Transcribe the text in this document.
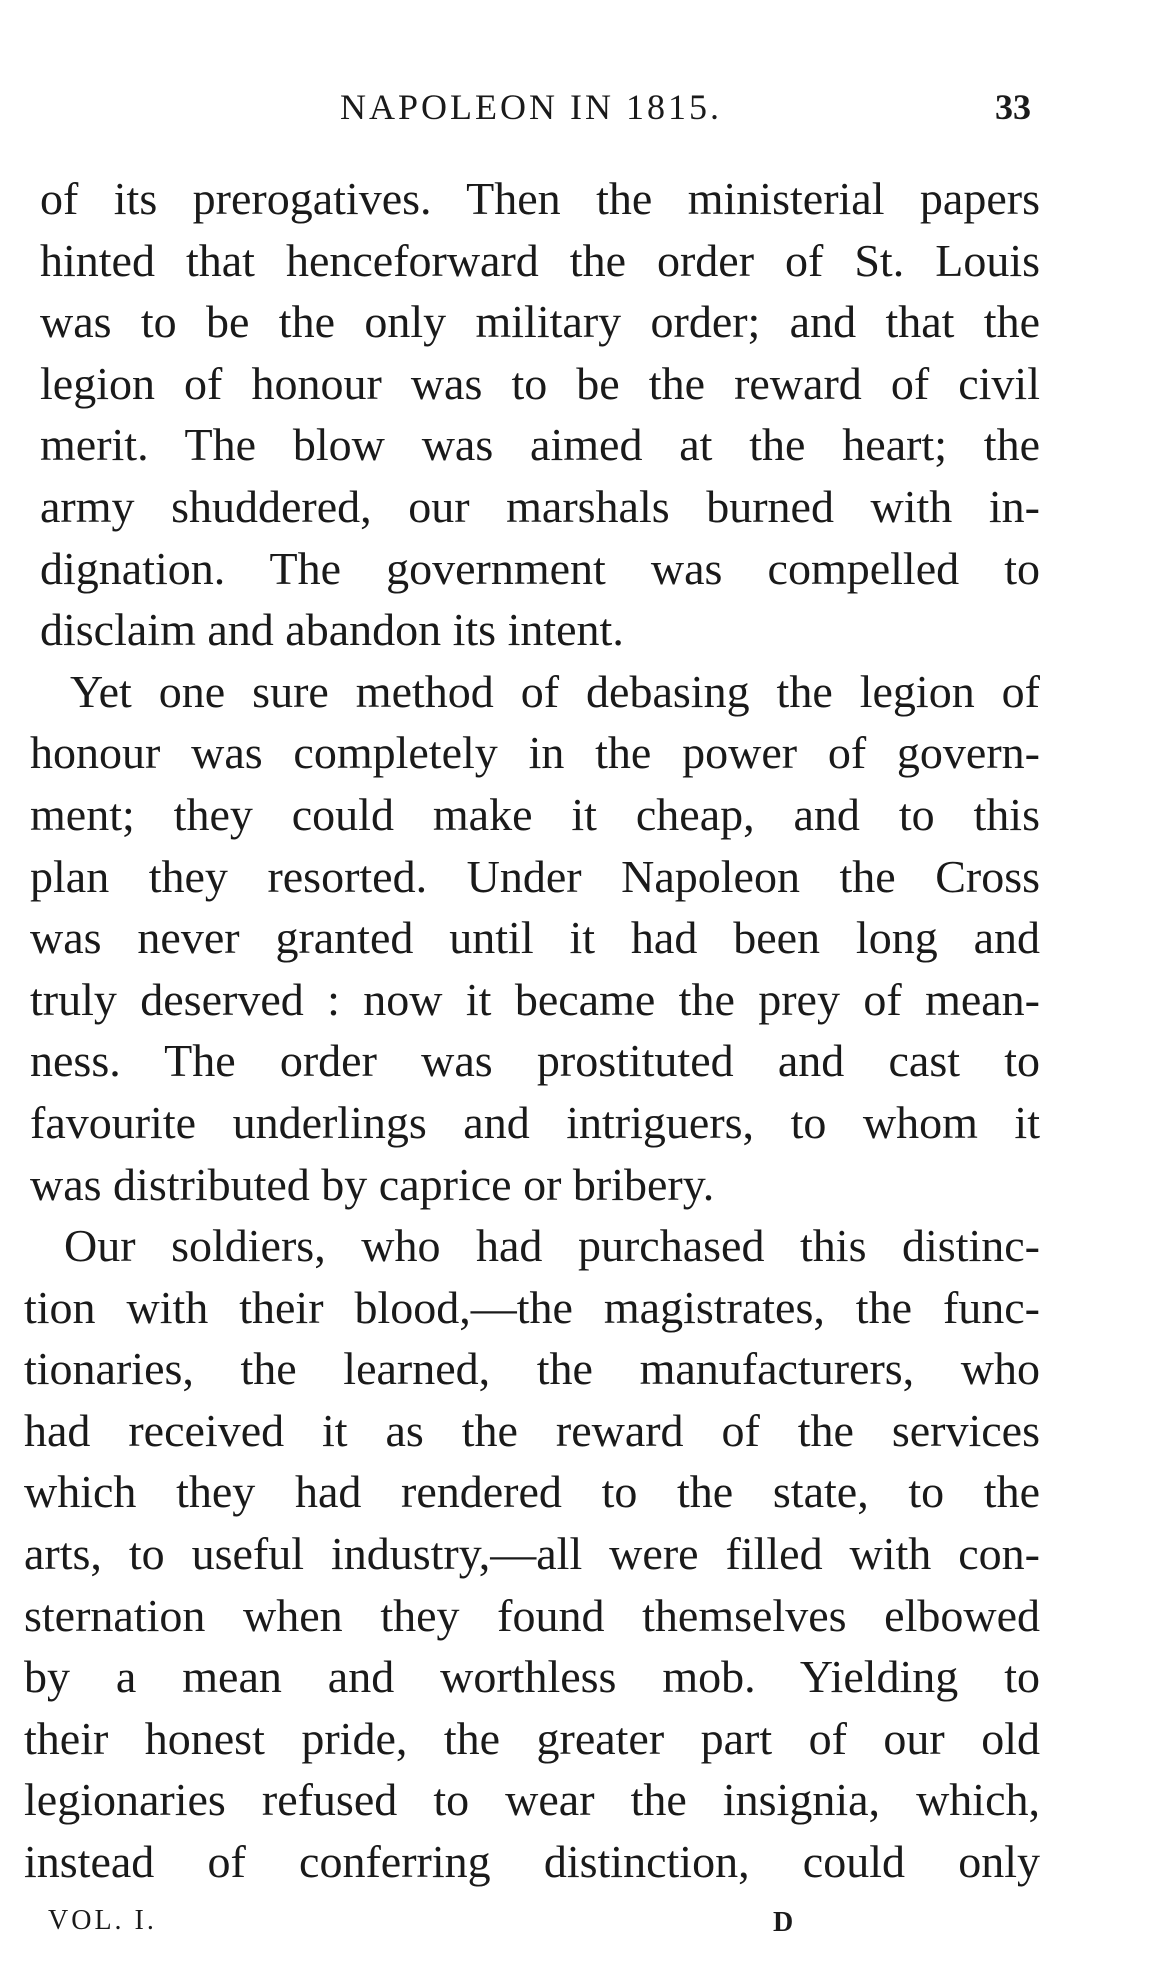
NAPOLEON IN 1815.	33
of its prerogatives. Then the ministerial papers
hinted that henceforward the order of St. Louis
was to be the only military order; and that the
legion of honour was to be the reward of civil
merit. The blow was aimed at the heart; the
army shuddered, our marshals burned with in-
dignation. The government was compelled to
disclaim and abandon its intent.
Yet one sure method of debasing the legion of
honour was completely in the power of govern-
ment; they could make it cheap, and to this
plan they resorted. Under Napoleon the Cross
was never granted until it had been long and
truly deserved : now it became the prey of mean-
ness. The order was prostituted and cast to
favourite underlings and intriguers, to whom it
was distributed by caprice or bribery.
Our soldiers, who had purchased this distinc-
tion with their blood,—the magistrates, the func-
tionaries, the learned, the manufacturers, who
had received it as the reward of the services
which they had rendered to the state, to the
arts, to useful industry,—all were filled with con-
sternation when they found themselves elbowed
by a mean and worthless mob. Yielding to
their honest pride, the greater part of our old
legionaries refused to wear the insignia, which,
instead of conferring distinction, could only
VOL. I.	D
